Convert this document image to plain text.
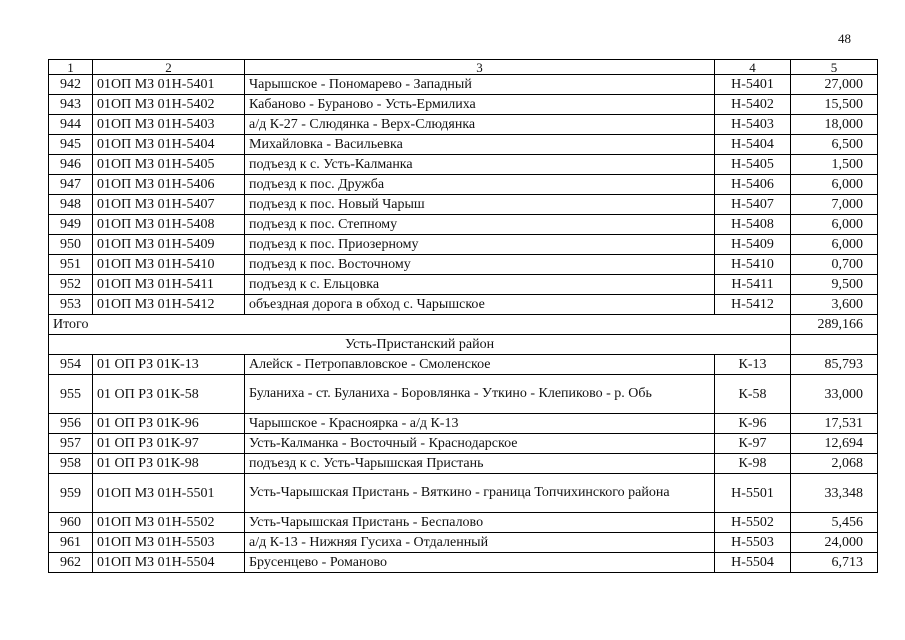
48
1	2	3	4	5
942	01ОП МЗ 01Н-5401	Чарышское - Пономарево - Западный	Н-5401	27,000
943	01ОП МЗ 01Н-5402	Кабаново - Бураново - Усть-Ермилиха	Н-5402	15,500
944	01ОП МЗ 01Н-5403	а/д К-27 - Слюдянка - Верх-Слюдянка	Н-5403	18,000
945	01ОП МЗ 01Н-5404	Михайловка - Васильевка	Н-5404	6,500
946	01ОП МЗ 01Н-5405	подъезд к с. Усть-Калманка	Н-5405	1,500
947	01ОП МЗ 01Н-5406	подъезд к пос. Дружба	Н-5406	6,000
948	01ОП МЗ 01Н-5407	подъезд к пос. Новый Чарыш	Н-5407	7,000
949	01ОП МЗ 01Н-5408	подъезд к пос. Степному	Н-5408	6,000
950	01ОП МЗ 01Н-5409	подъезд к пос. Приозерному	Н-5409	6,000
951	01ОП МЗ 01Н-5410	подъезд к пос. Восточному	Н-5410	0,700
952	01ОП МЗ 01Н-5411	подъезд к с. Ельцовка	Н-5411	9,500
953	01ОП МЗ 01Н-5412	объездная дорога в обход с. Чарышское	Н-5412	3,600
Итого				289,166
Усть-Пристанский район				
954	01 ОП РЗ 01К-13	Алейск - Петропавловское - Смоленское	К-13	85,793
955	01 ОП РЗ 01К-58	Буланиха - ст. Буланиха - Боровлянка - Уткино - Клепиково - р. Обь	К-58	33,000
956	01 ОП РЗ 01К-96	Чарышское - Красноярка - а/д К-13	К-96	17,531
957	01 ОП РЗ 01К-97	Усть-Калманка - Восточный - Краснодарское	К-97	12,694
958	01 ОП РЗ 01К-98	подъезд к с. Усть-Чарышская Пристань	К-98	2,068
959	01ОП МЗ 01Н-5501	Усть-Чарышская Пристань - Вяткино - граница Топчихинского района	Н-5501	33,348
960	01ОП МЗ 01Н-5502	Усть-Чарышская Пристань - Беспалово	Н-5502	5,456
961	01ОП МЗ 01Н-5503	а/д К-13 - Нижняя Гусиха - Отдаленный	Н-5503	24,000
962	01ОП МЗ 01Н-5504	Брусенцево - Романово	Н-5504	6,713
